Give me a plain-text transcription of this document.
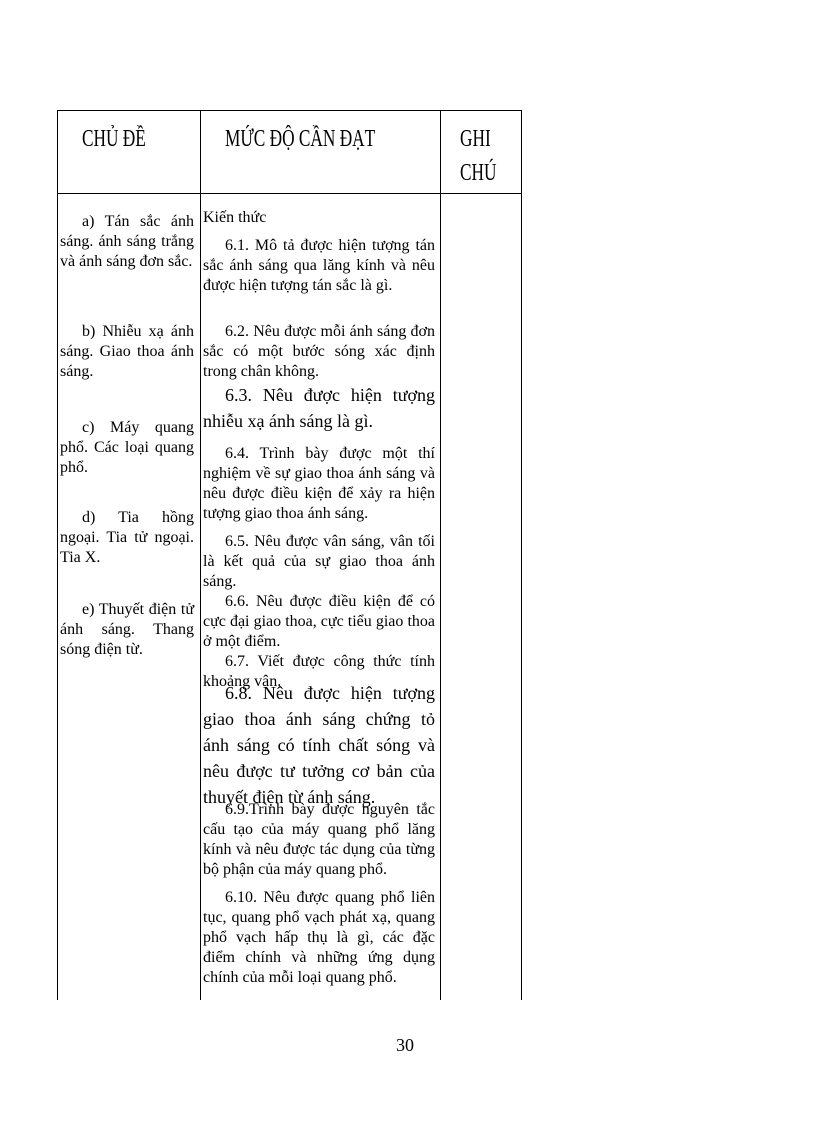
CHỦ ĐỀ	MỨC ĐỘ CẦN ĐẠT	GHI CHÚ
a) Tán sắc ánh sáng. ánh sáng trắng và ánh sáng đơn sắc.
b) Nhiễu xạ ánh sáng. Giao thoa ánh sáng.
c) Máy quang phổ. Các loại quang phổ.
d) Tia hồng ngoại. Tia tử ngoại. Tia X.
e) Thuyết điện tử ánh sáng. Thang sóng điện từ.
Kiến thức
6.1. Mô tả được hiện tượng tán sắc ánh sáng qua lăng kính và nêu được hiện tượng tán sắc là gì.
6.2. Nêu được mỗi ánh sáng đơn sắc có một bước sóng xác định trong chân không.
6.3. Nêu được hiện tượng nhiễu xạ ánh sáng là gì.
6.4. Trình bày được một thí nghiệm về sự giao thoa ánh sáng và nêu được điều kiện để xảy ra hiện tượng giao thoa ánh sáng.
6.5. Nêu được vân sáng, vân tối là kết quả của sự giao thoa ánh sáng.
6.6. Nêu được điều kiện để có cực đại giao thoa, cực tiểu giao thoa ở một điểm.
6.7. Viết được công thức tính khoảng vân.
6.8. Nêu được hiện tượng giao thoa ánh sáng chứng tỏ ánh sáng có tính chất sóng và nêu được tư tưởng cơ bản của thuyết điện từ ánh sáng.
6.9.Trình bày được nguyên tắc cấu tạo của máy quang phổ lăng kính và nêu được tác dụng của từng bộ phận của máy quang phổ.
6.10. Nêu được quang phổ liên tục, quang phổ vạch phát xạ, quang phổ vạch hấp thụ là gì, các đặc điểm chính và những ứng dụng chính của mỗi loại quang phổ.
30
